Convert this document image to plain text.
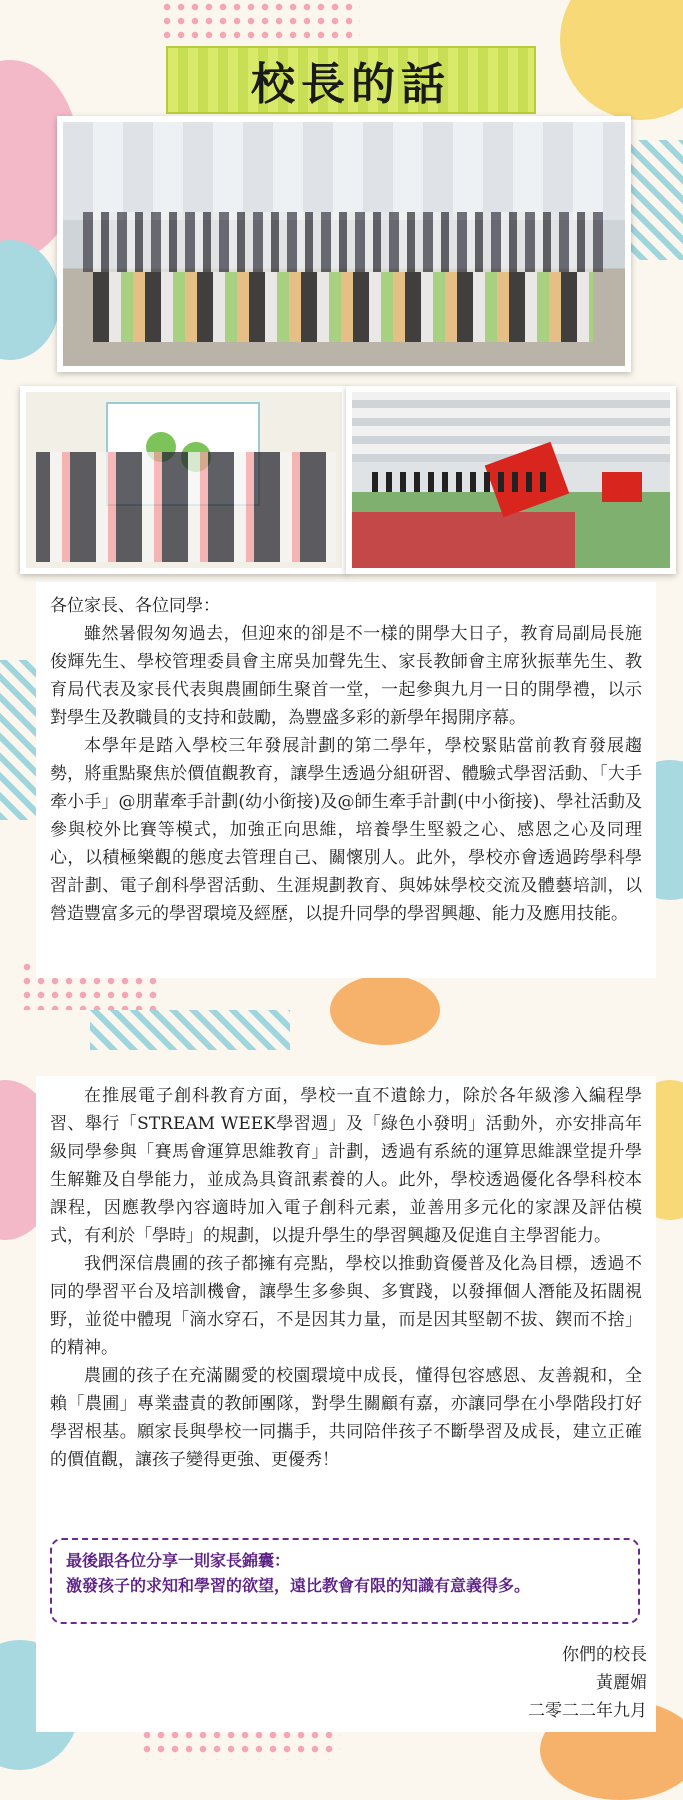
校長的話

各位家長、各位同學：

雖然暑假匆匆過去，但迎來的卻是不一樣的開學大日子，教育局副局長施俊輝先生、學校管理委員會主席吳加聲先生、家長教師會主席狄振華先生、教育局代表及家長代表與農圃師生聚首一堂，一起參與九月一日的開學禮，以示對學生及教職員的支持和鼓勵，為豐盛多彩的新學年揭開序幕。

本學年是踏入學校三年發展計劃的第二學年，學校緊貼當前教育發展趨勢，將重點聚焦於價值觀教育，讓學生透過分組研習、體驗式學習活動、「大手牽小手」@朋輩牽手計劃(幼小銜接)及@師生牽手計劃(中小銜接)、學社活動及參與校外比賽等模式，加強正向思維，培養學生堅毅之心、感恩之心及同理心，以積極樂觀的態度去管理自己、關懷別人。此外，學校亦會透過跨學科學習計劃、電子創科學習活動、生涯規劃教育、與姊妹學校交流及體藝培訓，以營造豐富多元的學習環境及經歷，以提升同學的學習興趣、能力及應用技能。

在推展電子創科教育方面，學校一直不遺餘力，除於各年級滲入編程學習、舉行「STREAM WEEK學習週」及「綠色小發明」活動外，亦安排高年級同學參與「賽馬會運算思維教育」計劃，透過有系統的運算思維課堂提升學生解難及自學能力，並成為具資訊素養的人。此外，學校透過優化各學科校本課程，因應教學內容適時加入電子創科元素，並善用多元化的家課及評估模式，有利於「學時」的規劃，以提升學生的學習興趣及促進自主學習能力。

我們深信農圃的孩子都擁有亮點，學校以推動資優普及化為目標，透過不同的學習平台及培訓機會，讓學生多參與、多實踐，以發揮個人潛能及拓闊視野，並從中體現「滴水穿石，不是因其力量，而是因其堅韌不拔、鍥而不捨」的精神。

農圃的孩子在充滿關愛的校園環境中成長，懂得包容感恩、友善親和，全賴「農圃」專業盡責的教師團隊，對學生關顧有嘉，亦讓同學在小學階段打好學習根基。願家長與學校一同攜手，共同陪伴孩子不斷學習及成長，建立正確的價值觀，讓孩子變得更強、更優秀！

最後跟各位分享一則家長錦囊：
激發孩子的求知和學習的欲望，遠比教會有限的知識有意義得多。
你們的校長
黃麗媚
二零二二年九月
